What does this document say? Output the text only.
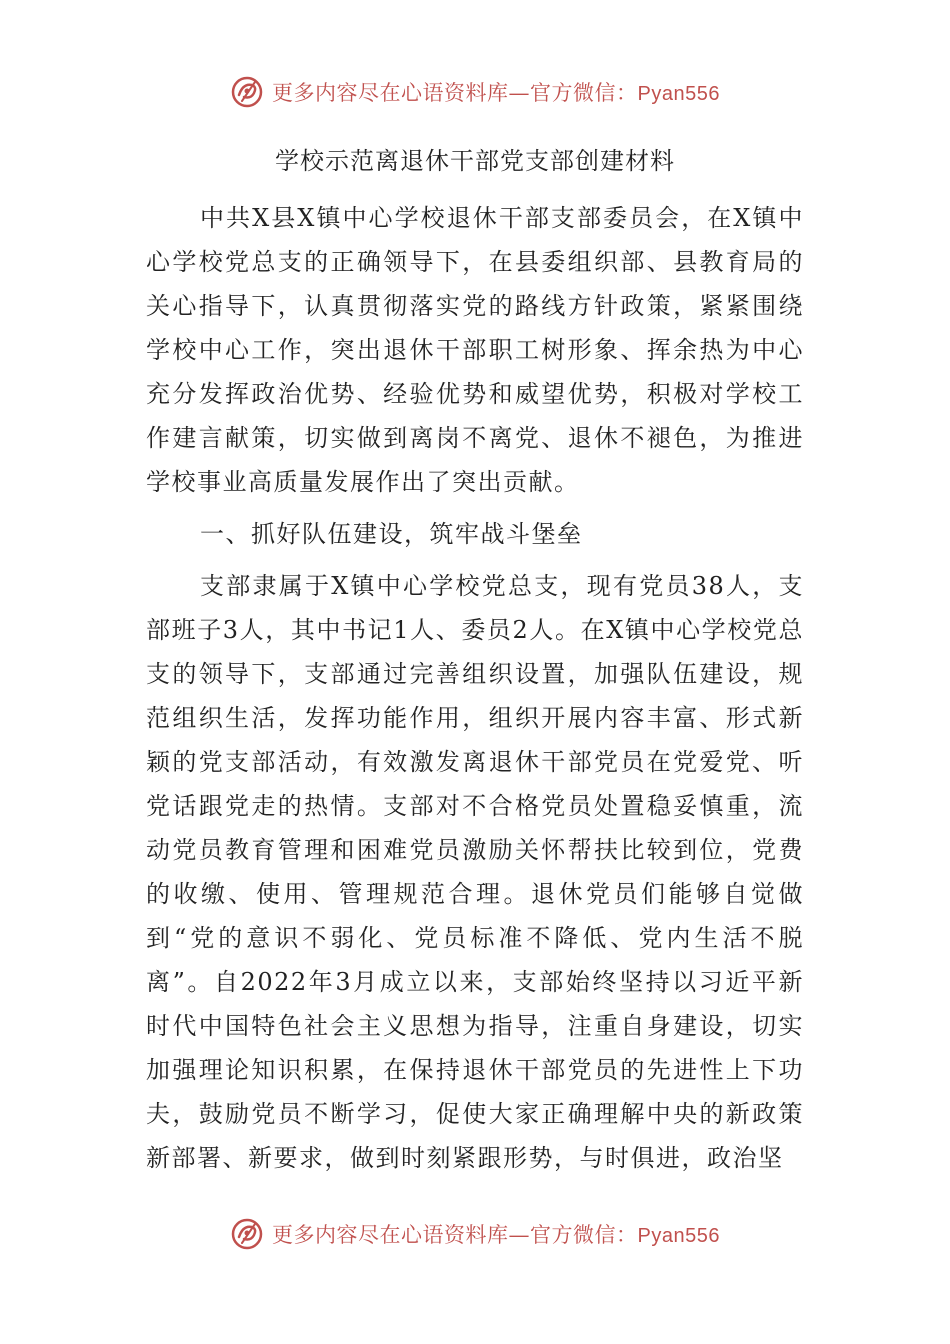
更多内容尽在心语资料库—官方微信：Pyan556
学校示范离退休干部党支部创建材料

中共X县X镇中心学校退休干部支部委员会，在X镇中心学校党总支的正确领导下，在县委组织部、县教育局的关心指导下，认真贯彻落实党的路线方针政策，紧紧围绕学校中心工作，突出退休干部职工树形象、挥余热为中心充分发挥政治优势、经验优势和威望优势，积极对学校工作建言献策，切实做到离岗不离党、退休不褪色，为推进学校事业高质量发展作出了突出贡献。

一、抓好队伍建设，筑牢战斗堡垒

支部隶属于X镇中心学校党总支，现有党员38人，支部班子3人，其中书记1人、委员2人。在X镇中心学校党总支的领导下，支部通过完善组织设置，加强队伍建设，规范组织生活，发挥功能作用，组织开展内容丰富、形式新颖的党支部活动，有效激发离退休干部党员在党爱党、听党话跟党走的热情。支部对不合格党员处置稳妥慎重，流动党员教育管理和困难党员激励关怀帮扶比较到位，党费的收缴、使用、管理规范合理。退休党员们能够自觉做到“党的意识不弱化、党员标准不降低、党内生活不脱离”。自2022年3月成立以来，支部始终坚持以习近平新时代中国特色社会主义思想为指导，注重自身建设，切实加强理论知识积累，在保持退休干部党员的先进性上下功夫，鼓励党员不断学习，促使大家正确理解中央的新政策新部署、新要求，做到时刻紧跟形势，与时俱进，政治坚

更多内容尽在心语资料库—官方微信：Pyan556
